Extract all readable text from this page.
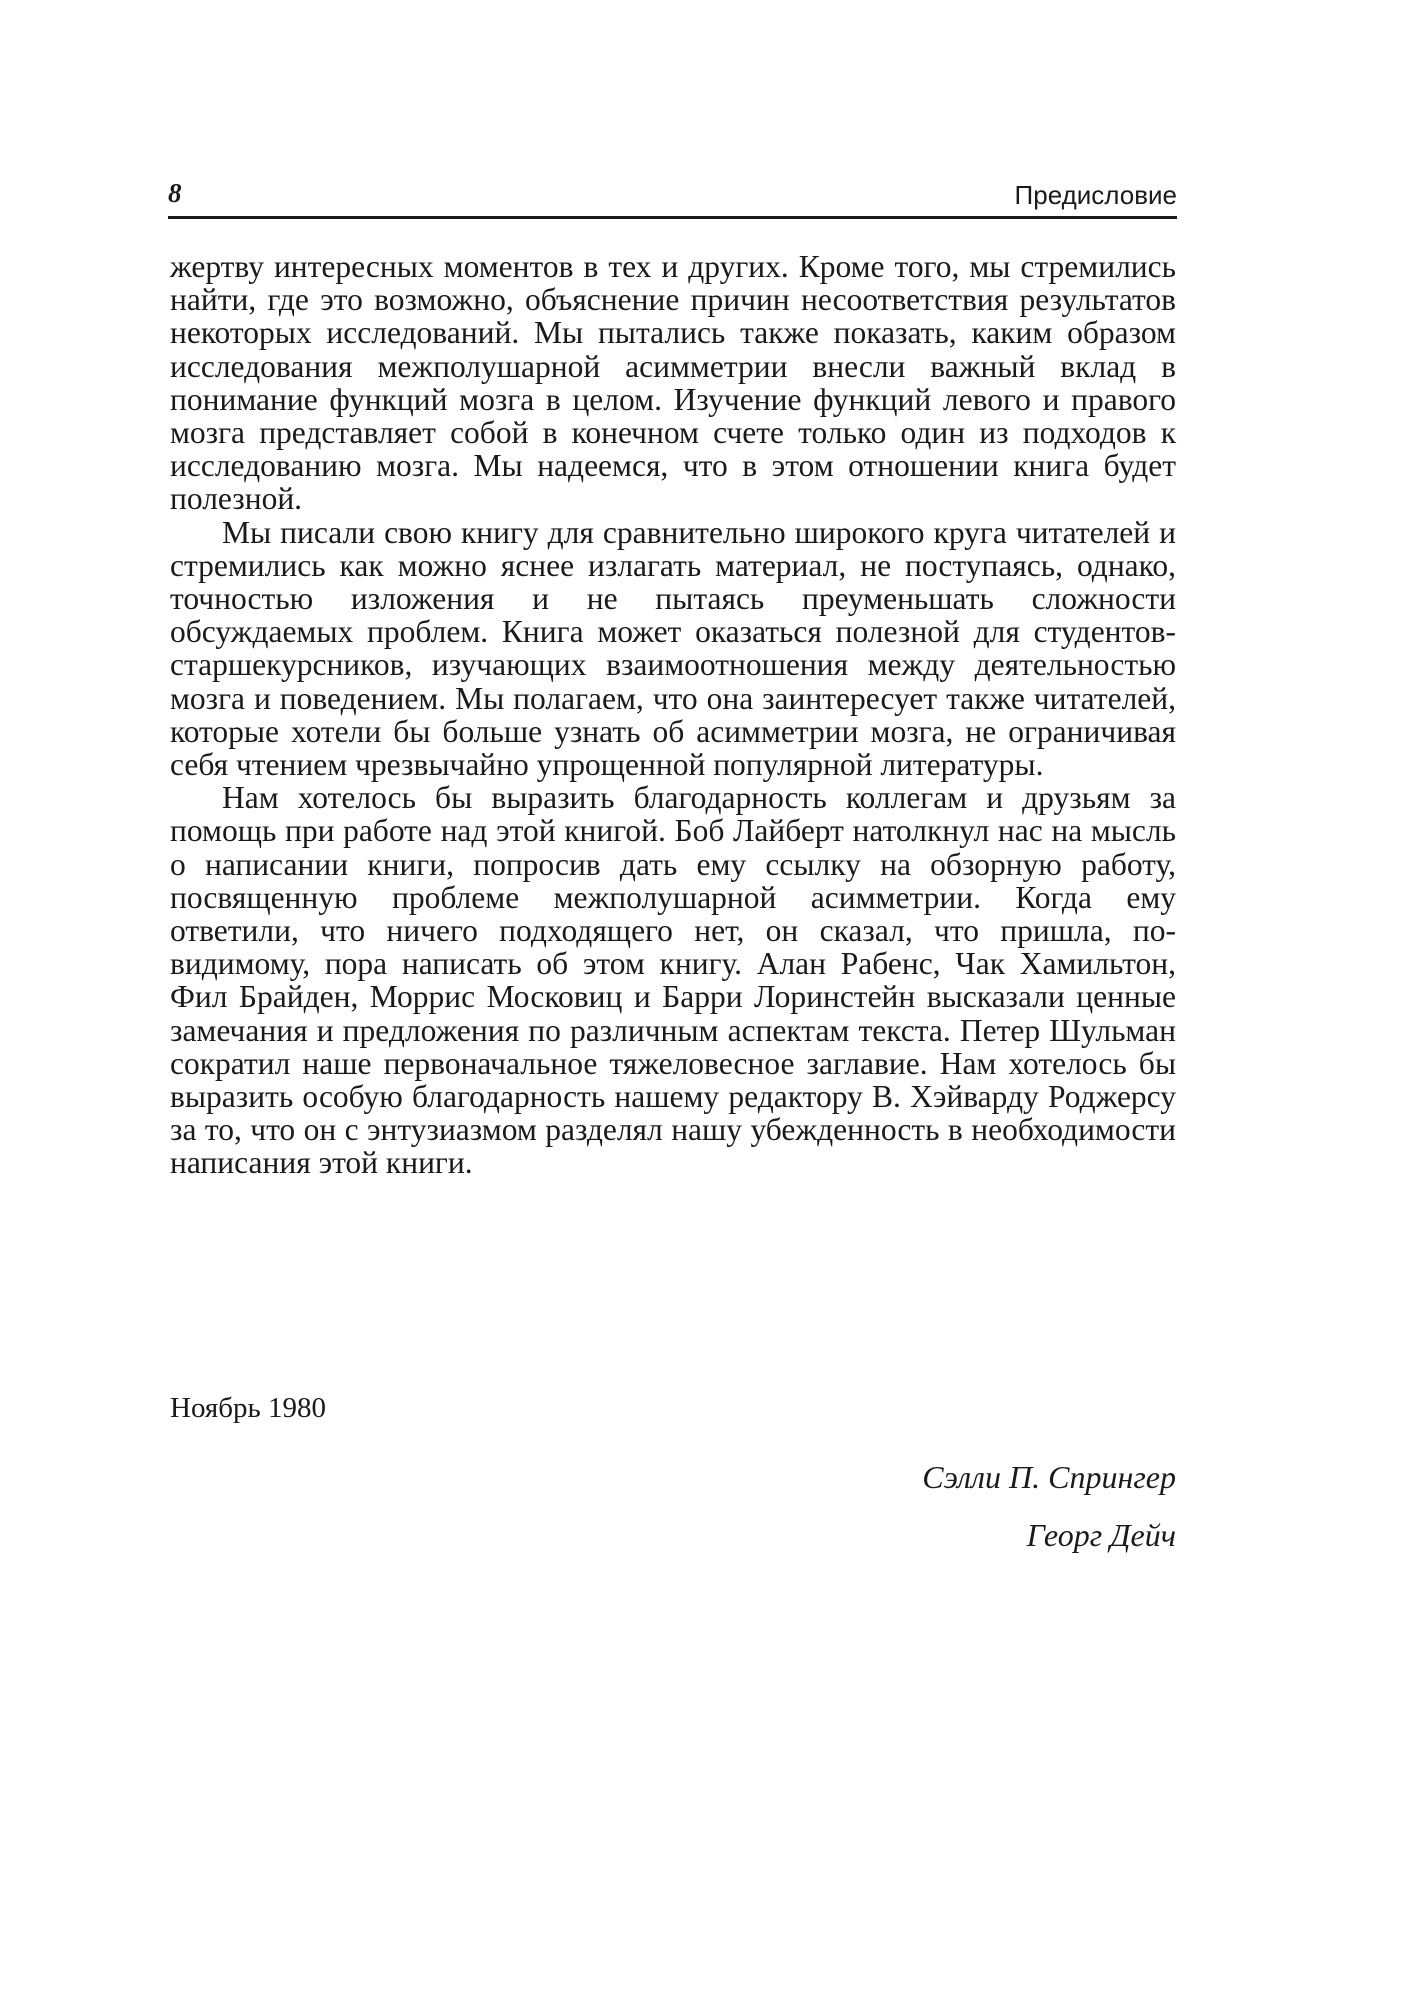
8	Предисловие

жертву интересных моментов в тех и других. Кроме того, мы стремились найти, где это возможно, объяснение причин несоответствия результатов некоторых исследований. Мы пытались также показать, каким образом исследования межполушарной асимметрии внесли важный вклад в понимание функций мозга в целом. Изучение функций левого и правого мозга представляет собой в конечном счете только один из подходов к исследованию мозга. Мы надеемся, что в этом отношении книга будет полезной.

Мы писали свою книгу для сравнительно широкого круга читателей и стремились как можно яснее излагать материал, не поступаясь, однако, точностью изложения и не пытаясь преуменьшать сложности обсуждаемых проблем. Книга может оказаться полезной для студентов-старшекурсников, изучающих взаимоотношения между деятельностью мозга и поведением. Мы полагаем, что она заинтересует также читателей, которые хотели бы больше узнать об асимметрии мозга, не ограничивая себя чтением чрезвычайно упрощенной популярной литературы.

Нам хотелось бы выразить благодарность коллегам и друзьям за помощь при работе над этой книгой. Боб Лайберт натолкнул нас на мысль о написании книги, попросив дать ему ссылку на обзорную работу, посвященную проблеме межполушарной асимметрии. Когда ему ответили, что ничего подходящего нет, он сказал, что пришла, по-видимому, пора написать об этом книгу. Алан Рабенс, Чак Хамильтон, Фил Брайден, Моррис Московиц и Барри Лоринстейн высказали ценные замечания и предложения по различным аспектам текста. Петер Шульман сократил наше первоначальное тяжеловесное заглавие. Нам хотелось бы выразить особую благодарность нашему редактору В. Хэйварду Роджерсу за то, что он с энтузиазмом разделял нашу убежденность в необходимости написания этой книги.

Ноябрь 1980
Сэлли П. Спрингер
Георг Дейч
